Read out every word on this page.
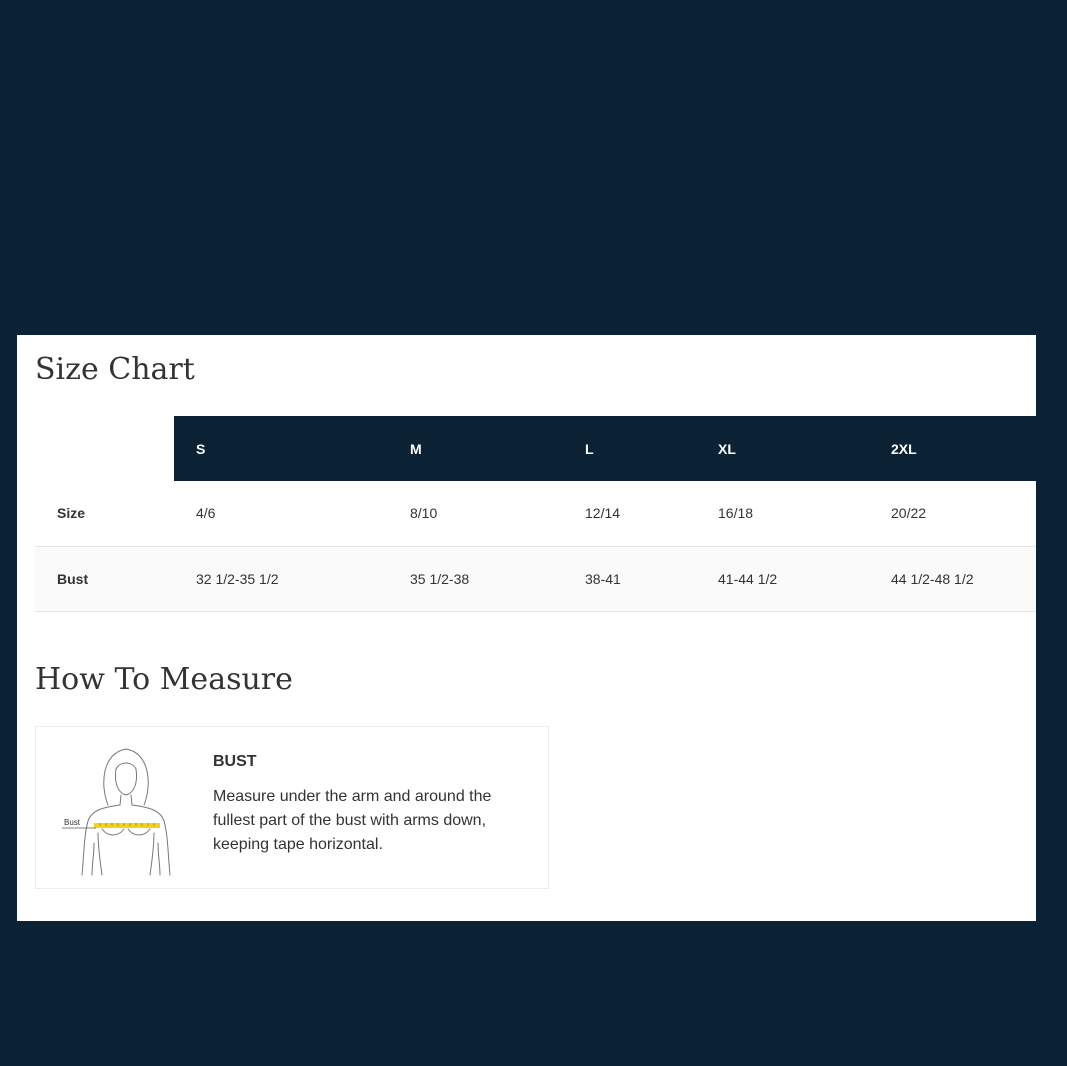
Size Chart
	S	M	L	XL	2XL
Size	4/6	8/10	12/14	16/18	20/22
Bust	32 1/2-35 1/2	35 1/2-38	38-41	41-44 1/2	44 1/2-48 1/2
How To Measure
Bust
BUST

Measure under the arm and around the fullest part of the bust with arms down, keeping tape horizontal.
